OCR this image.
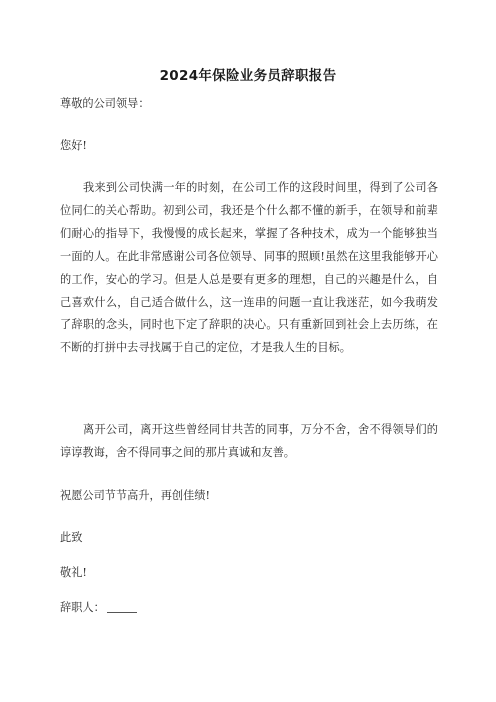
2024年保险业务员辞职报告
尊敬的公司领导：
您好!
我来到公司快满一年的时刻，在公司工作的这段时间里，得到了公司各位同仁的关心帮助。初到公司，我还是个什么都不懂的新手，在领导和前辈们耐心的指导下，我慢慢的成长起来，掌握了各种技术，成为一个能够独当一面的人。在此非常感谢公司各位领导、同事的照顾!虽然在这里我能够开心的工作，安心的学习。但是人总是要有更多的理想，自己的兴趣是什么，自己喜欢什么，自己适合做什么，这一连串的问题一直让我迷茫，如今我萌发了辞职的念头，同时也下定了辞职的决心。只有重新回到社会上去历练，在不断的打拼中去寻找属于自己的定位，才是我人生的目标。
离开公司，离开这些曾经同甘共苦的同事，万分不舍，舍不得领导们的谆谆教诲，舍不得同事之间的那片真诚和友善。
祝愿公司节节高升，再创佳绩!
此致
敬礼!
辞职人：
